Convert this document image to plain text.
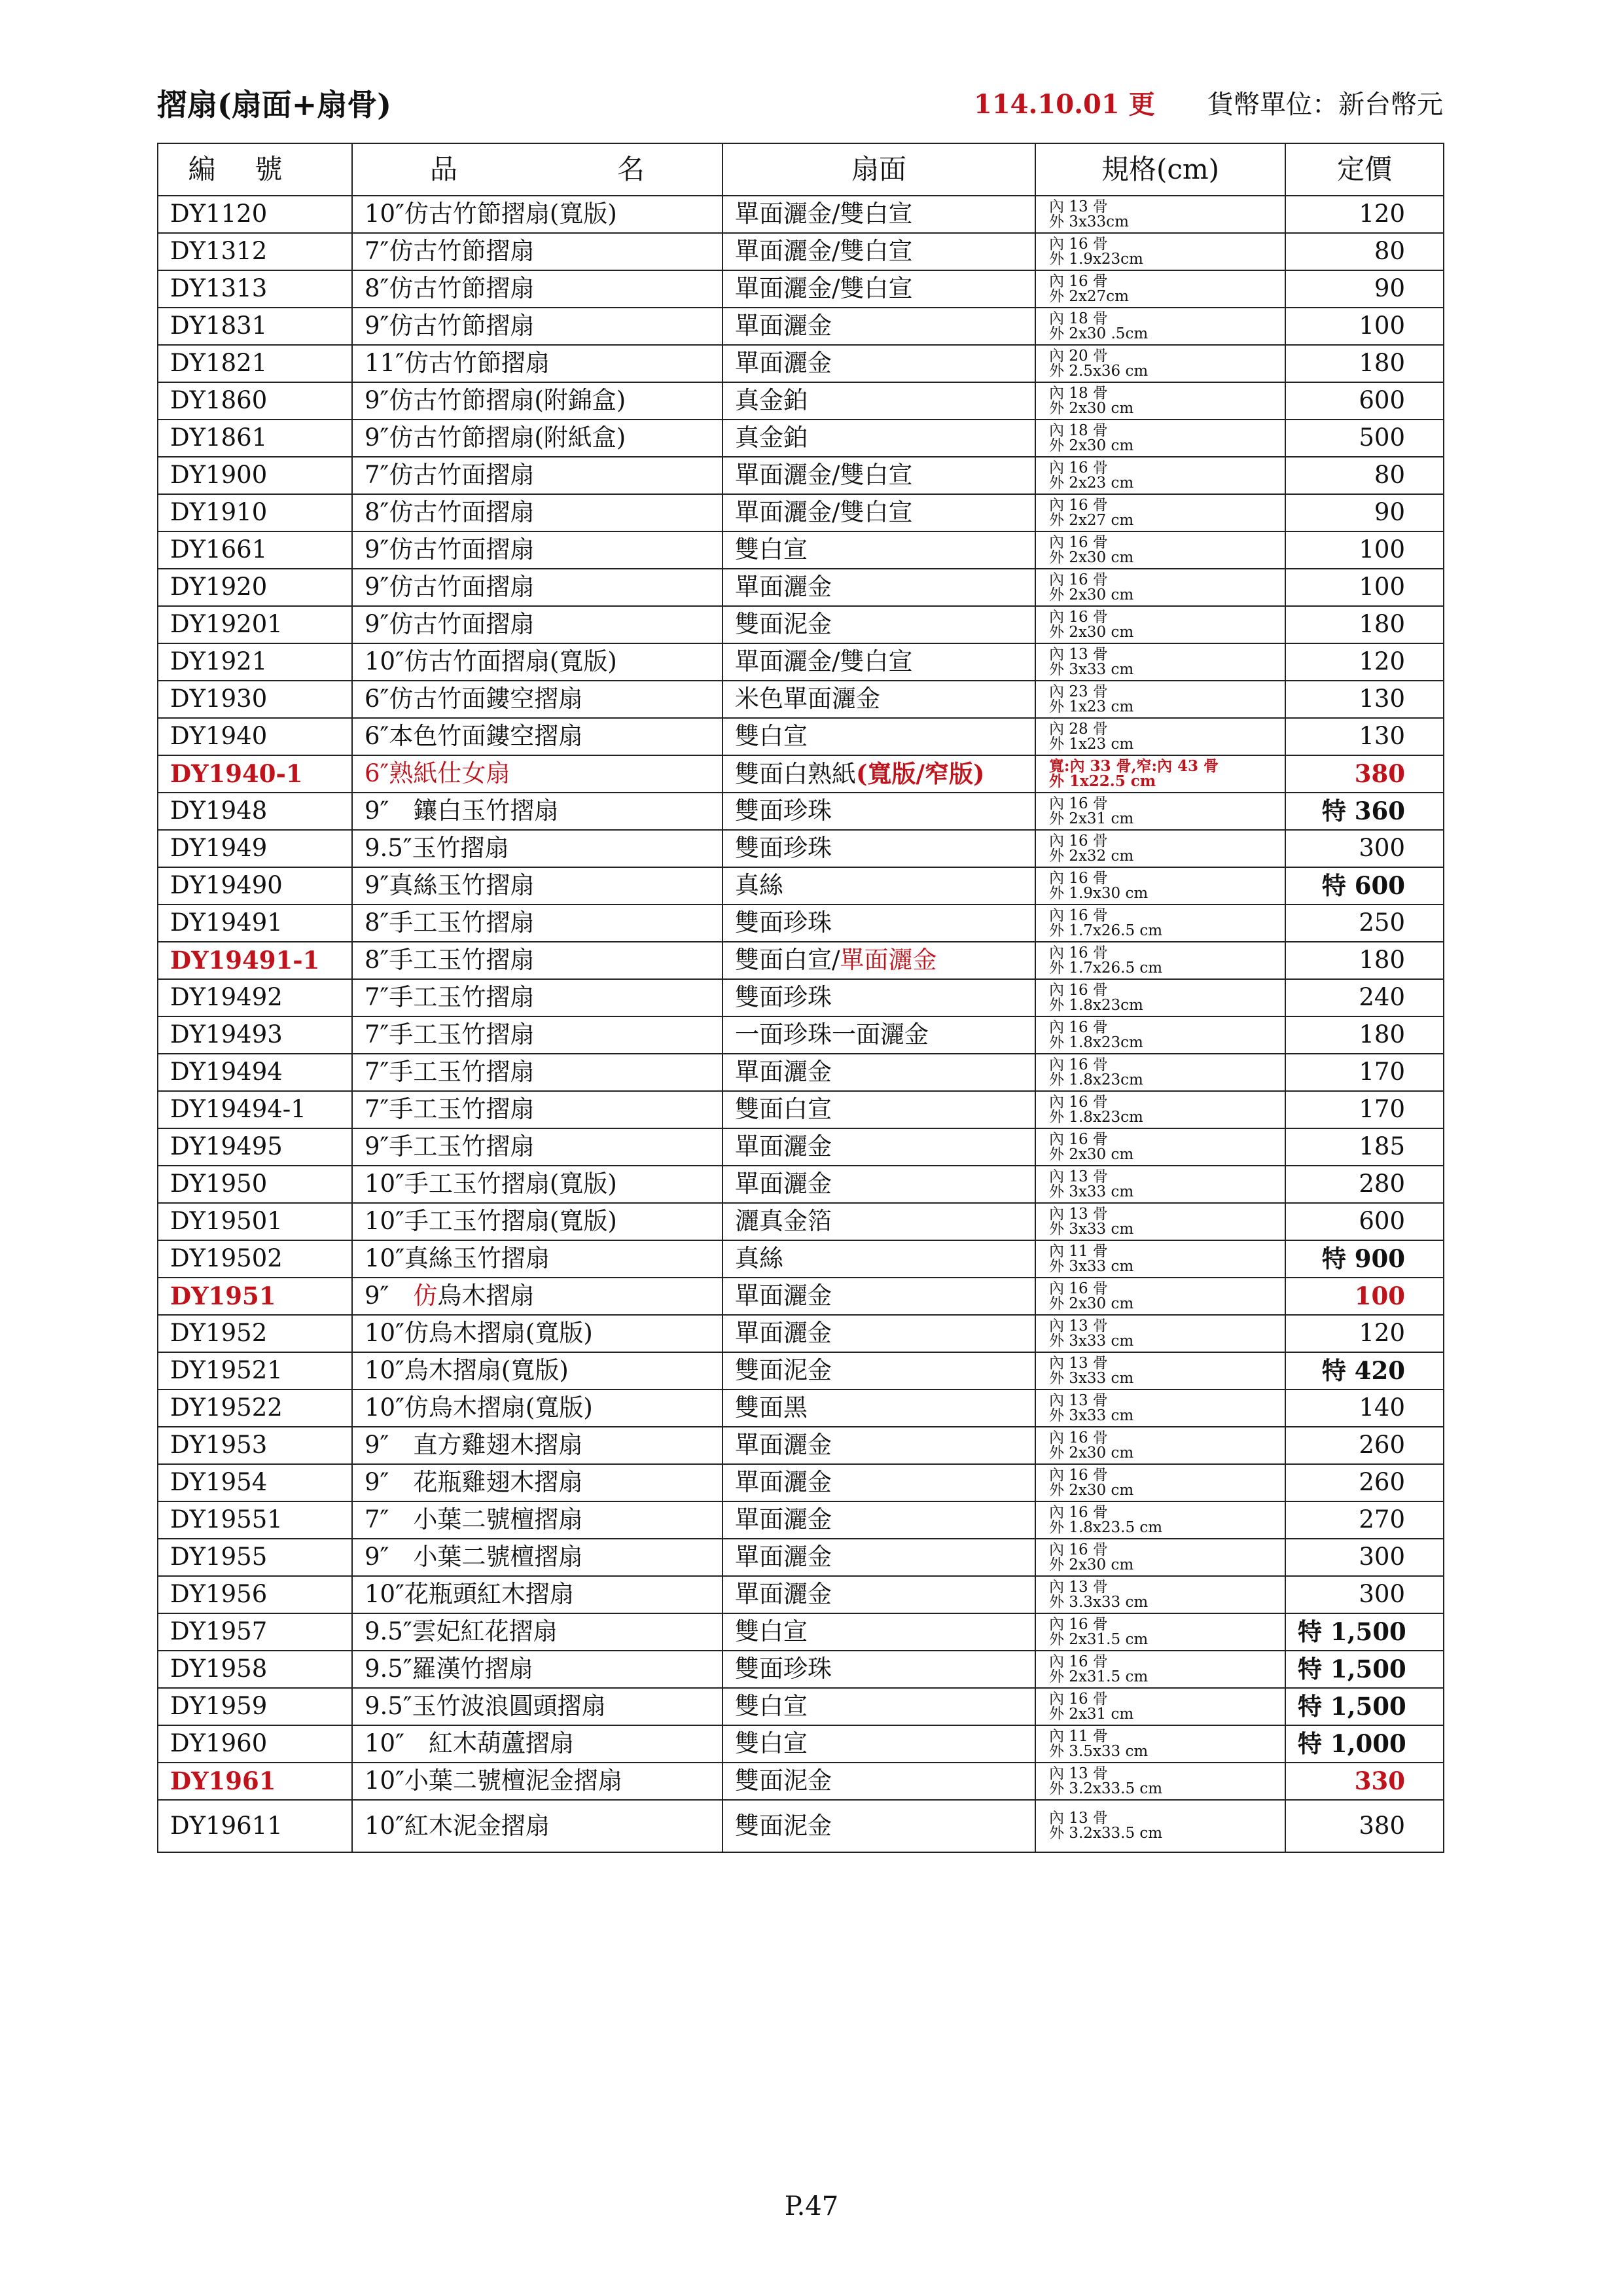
摺扇(扇面+扇骨)	114.10.01 更 貨幣單位：新台幣元
編號	品 名	扇面	規格(cm)	定價
DY1120	10″仿古竹節摺扇(寬版)	單面灑金/雙白宣	內 13 骨
外 3x33cm	120
DY1312	7″仿古竹節摺扇	單面灑金/雙白宣	內 16 骨
外 1.9x23cm	80
DY1313	8″仿古竹節摺扇	單面灑金/雙白宣	內 16 骨
外 2x27cm	90
DY1831	9″仿古竹節摺扇	單面灑金	內 18 骨
外 2x30 .5cm	100
DY1821	11″仿古竹節摺扇	單面灑金	內 20 骨
外 2.5x36 cm	180
DY1860	9″仿古竹節摺扇(附錦盒)	真金鉑	內 18 骨
外 2x30 cm	600
DY1861	9″仿古竹節摺扇(附紙盒)	真金鉑	內 18 骨
外 2x30 cm	500
DY1900	7″仿古竹面摺扇	單面灑金/雙白宣	內 16 骨
外 2x23 cm	80
DY1910	8″仿古竹面摺扇	單面灑金/雙白宣	內 16 骨
外 2x27 cm	90
DY1661	9″仿古竹面摺扇	雙白宣	內 16 骨
外 2x30 cm	100
DY1920	9″仿古竹面摺扇	單面灑金	內 16 骨
外 2x30 cm	100
DY19201	9″仿古竹面摺扇	雙面泥金	內 16 骨
外 2x30 cm	180
DY1921	10″仿古竹面摺扇(寬版)	單面灑金/雙白宣	內 13 骨
外 3x33 cm	120
DY1930	6″仿古竹面鏤空摺扇	米色單面灑金	內 23 骨
外 1x23 cm	130
DY1940	6″本色竹面鏤空摺扇	雙白宣	內 28 骨
外 1x23 cm	130
DY1940-1	6″熟紙仕女扇	雙面白熟紙(寬版/窄版)	寬:內 33 骨,窄:內 43 骨
外 1x22.5 cm	380
DY1948	9″　鑲白玉竹摺扇	雙面珍珠	內 16 骨
外 2x31 cm	特 360
DY1949	9.5″玉竹摺扇	雙面珍珠	內 16 骨
外 2x32 cm	300
DY19490	9″真絲玉竹摺扇	真絲	內 16 骨
外 1.9x30 cm	特 600
DY19491	8″手工玉竹摺扇	雙面珍珠	內 16 骨
外 1.7x26.5 cm	250
DY19491-1	8″手工玉竹摺扇	雙面白宣/單面灑金	內 16 骨
外 1.7x26.5 cm	180
DY19492	7″手工玉竹摺扇	雙面珍珠	內 16 骨
外 1.8x23cm	240
DY19493	7″手工玉竹摺扇	一面珍珠一面灑金	內 16 骨
外 1.8x23cm	180
DY19494	7″手工玉竹摺扇	單面灑金	內 16 骨
外 1.8x23cm	170
DY19494-1	7″手工玉竹摺扇	雙面白宣	內 16 骨
外 1.8x23cm	170
DY19495	9″手工玉竹摺扇	單面灑金	內 16 骨
外 2x30 cm	185
DY1950	10″手工玉竹摺扇(寬版)	單面灑金	內 13 骨
外 3x33 cm	280
DY19501	10″手工玉竹摺扇(寬版)	灑真金箔	內 13 骨
外 3x33 cm	600
DY19502	10″真絲玉竹摺扇	真絲	內 11 骨
外 3x33 cm	特 900
DY1951	9″　仿烏木摺扇	單面灑金	內 16 骨
外 2x30 cm	100
DY1952	10″仿烏木摺扇(寬版)	單面灑金	內 13 骨
外 3x33 cm	120
DY19521	10″烏木摺扇(寬版)	雙面泥金	內 13 骨
外 3x33 cm	特 420
DY19522	10″仿烏木摺扇(寬版)	雙面黑	內 13 骨
外 3x33 cm	140
DY1953	9″　直方雞翅木摺扇	單面灑金	內 16 骨
外 2x30 cm	260
DY1954	9″　花瓶雞翅木摺扇	單面灑金	內 16 骨
外 2x30 cm	260
DY19551	7″　小葉二號檀摺扇	單面灑金	內 16 骨
外 1.8x23.5 cm	270
DY1955	9″　小葉二號檀摺扇	單面灑金	內 16 骨
外 2x30 cm	300
DY1956	10″花瓶頭紅木摺扇	單面灑金	內 13 骨
外 3.3x33 cm	300
DY1957	9.5″雲妃紅花摺扇	雙白宣	內 16 骨
外 2x31.5 cm	特 1,500
DY1958	9.5″羅漢竹摺扇	雙面珍珠	內 16 骨
外 2x31.5 cm	特 1,500
DY1959	9.5″玉竹波浪圓頭摺扇	雙白宣	內 16 骨
外 2x31 cm	特 1,500
DY1960	10″　紅木葫蘆摺扇	雙白宣	內 11 骨
外 3.5x33 cm	特 1,000
DY1961	10″小葉二號檀泥金摺扇	雙面泥金	內 13 骨
外 3.2x33.5 cm	330
DY19611	10″紅木泥金摺扇	雙面泥金	內 13 骨
外 3.2x33.5 cm	380
P.47
